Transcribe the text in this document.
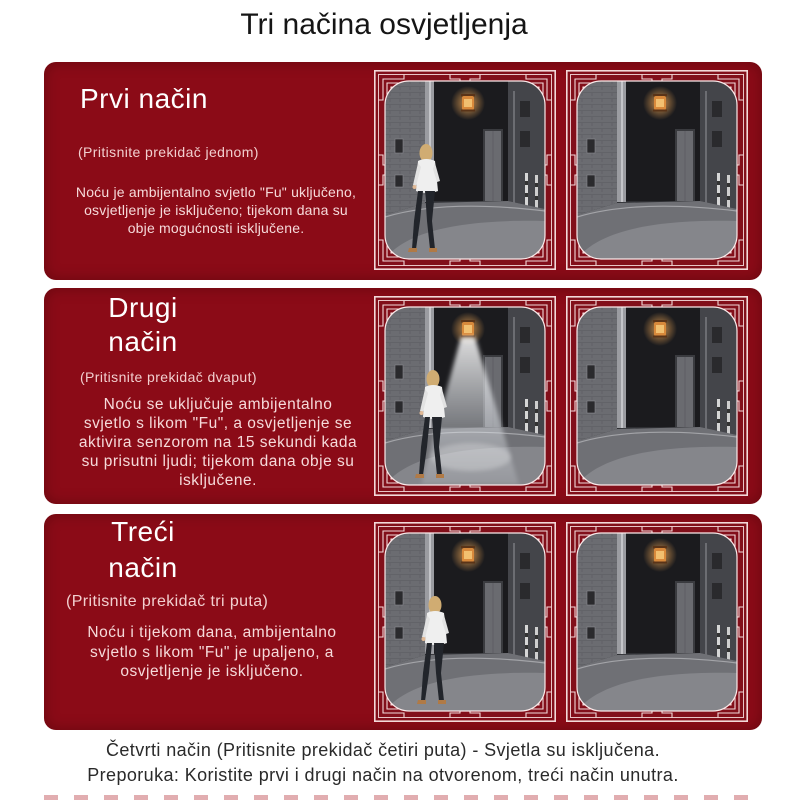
Tri načina osvjetljenja
Prvi način
(Pritisnite prekidač jednom)
Noću je ambijentalno svjetlo "Fu" uključeno,
osvjetljenje je isključeno; tijekom dana su
obje mogućnosti isključene.
Drugi
način
(Pritisnite prekidač dvaput)
Noću se uključuje ambijentalno
svjetlo s likom "Fu", a osvjetljenje se
aktivira senzorom na 15 sekundi kada
su prisutni ljudi; tijekom dana obje su
isključene.
Treći
način
(Pritisnite prekidač tri puta)
Noću i tijekom dana, ambijentalno
svjetlo s likom "Fu" je upaljeno, a
osvjetljenje je isključeno.
Četvrti način (Pritisnite prekidač četiri puta) - Svjetla su isključena.
Preporuka: Koristite prvi i drugi način na otvorenom, treći način unutra.
